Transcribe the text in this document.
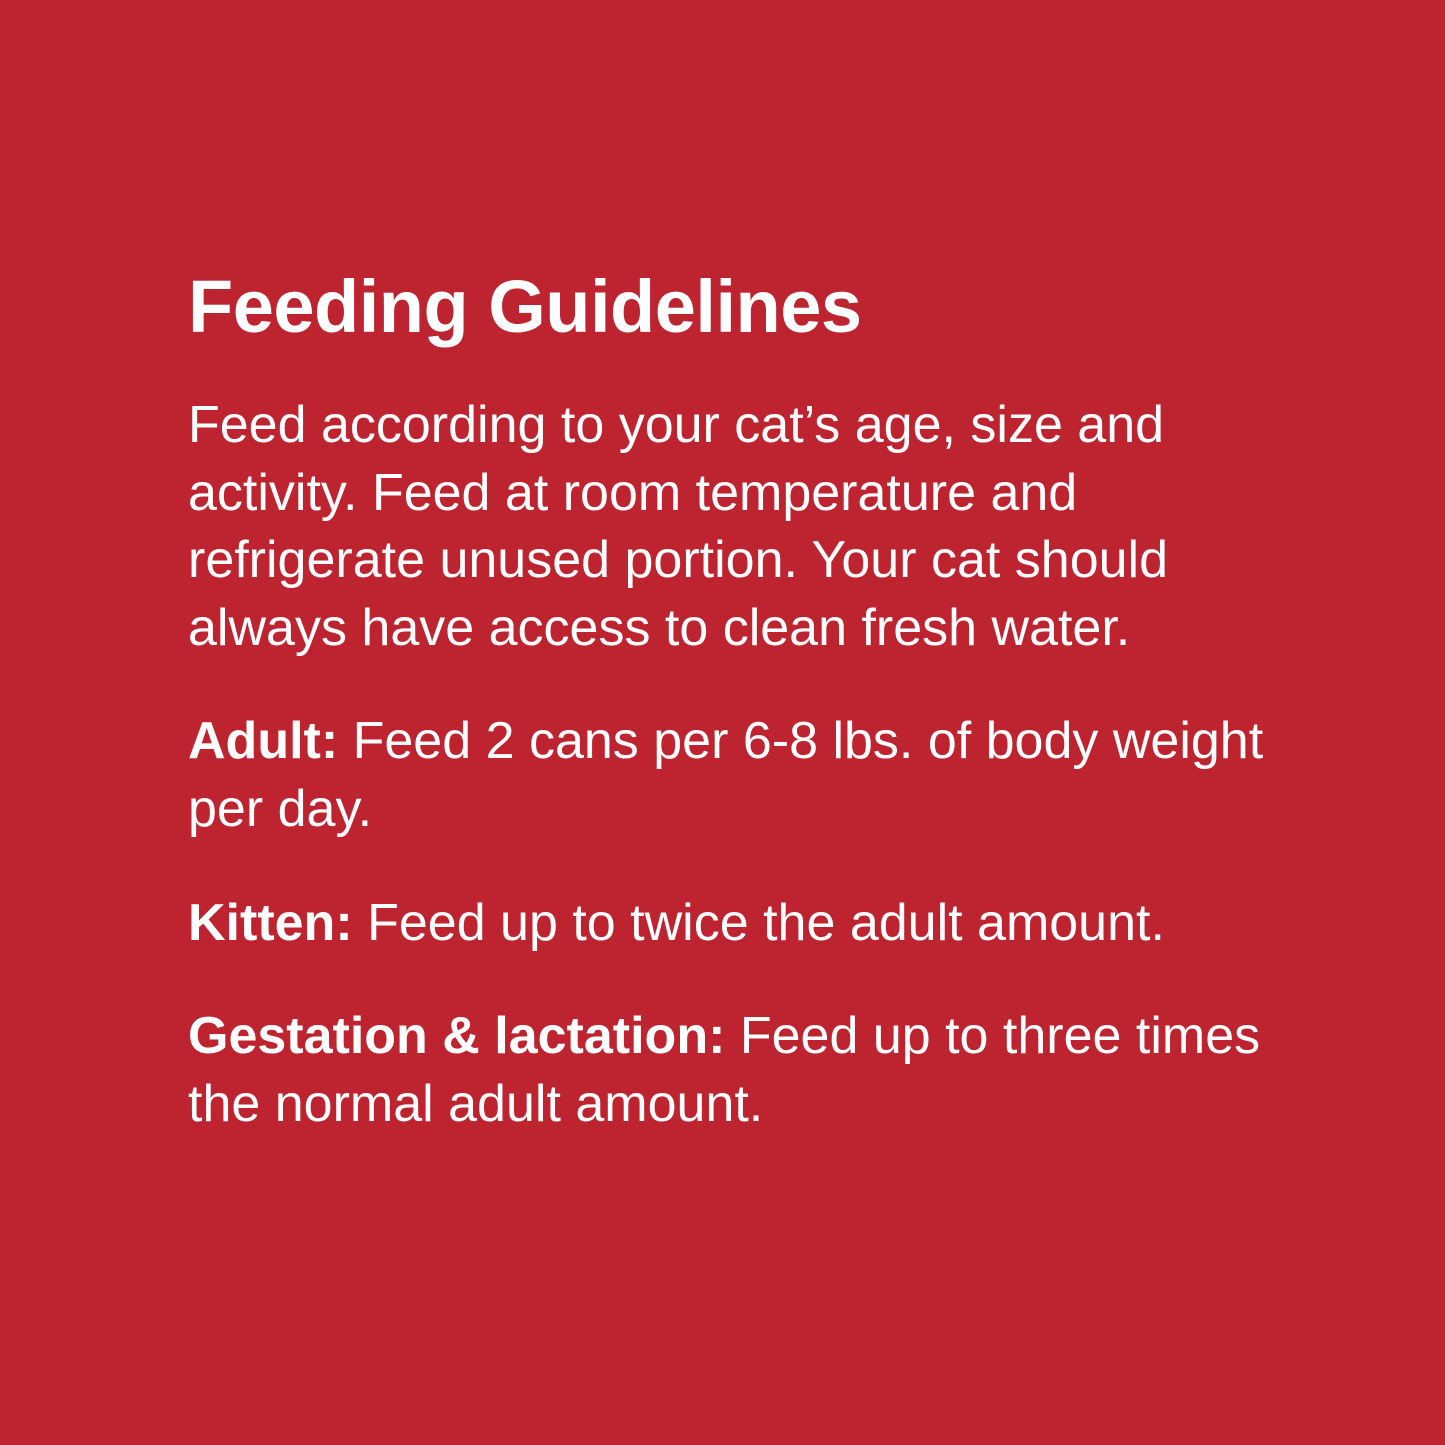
Feeding Guidelines

Feed according to your cat’s age, size and activity. Feed at room temperature and refrigerate unused portion. Your cat should always have access to clean fresh water.

Adult: Feed 2 cans per 6-8 lbs. of body weight per day.

Kitten: Feed up to twice the adult amount.

Gestation & lactation: Feed up to three times the normal adult amount.
